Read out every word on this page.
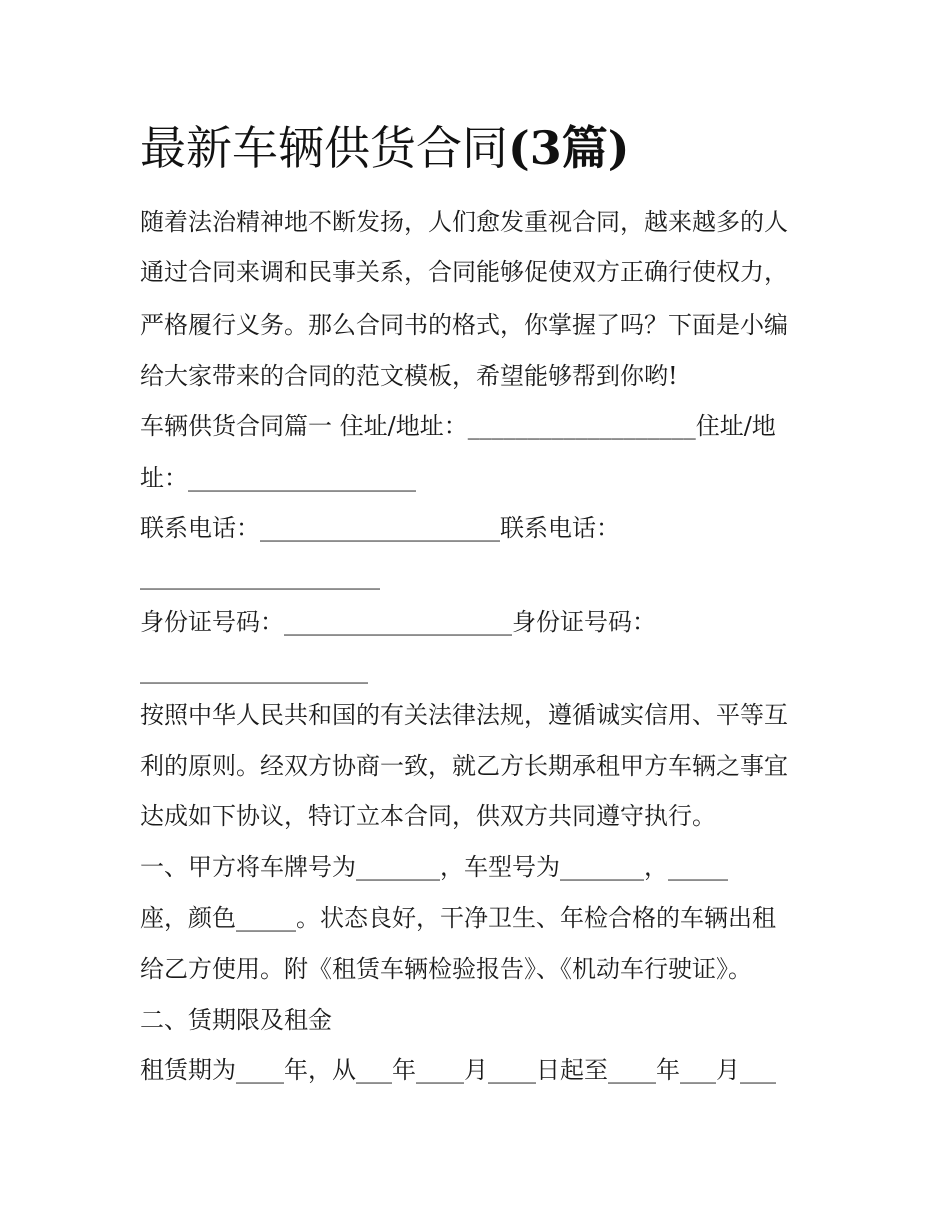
最新车辆供货合同(3篇)

随着法治精神地不断发扬，人们愈发重视合同，越来越多的人

通过合同来调和民事关系，合同能够促使双方正确行使权力，

严格履行义务。那么合同书的格式，你掌握了吗？下面是小编

给大家带来的合同的范文模板，希望能够帮到你哟!

车辆供货合同篇一 住址/地址：___________________住址/地

址：___________________

联系电话：____________________联系电话：

____________________

身份证号码：___________________身份证号码：

___________________

按照中华人民共和国的有关法律法规，遵循诚实信用、平等互

利的原则。经双方协商一致，就乙方长期承租甲方车辆之事宜

达成如下协议，特订立本合同，供双方共同遵守执行。

一、甲方将车牌号为_______，车型号为_______，_____

座，颜色_____。状态良好，干净卫生、年检合格的车辆出租

给乙方使用。附《租赁车辆检验报告》、《机动车行驶证》。

二、赁期限及租金

租赁期为____年，从___年____月____日起至____年___月___
